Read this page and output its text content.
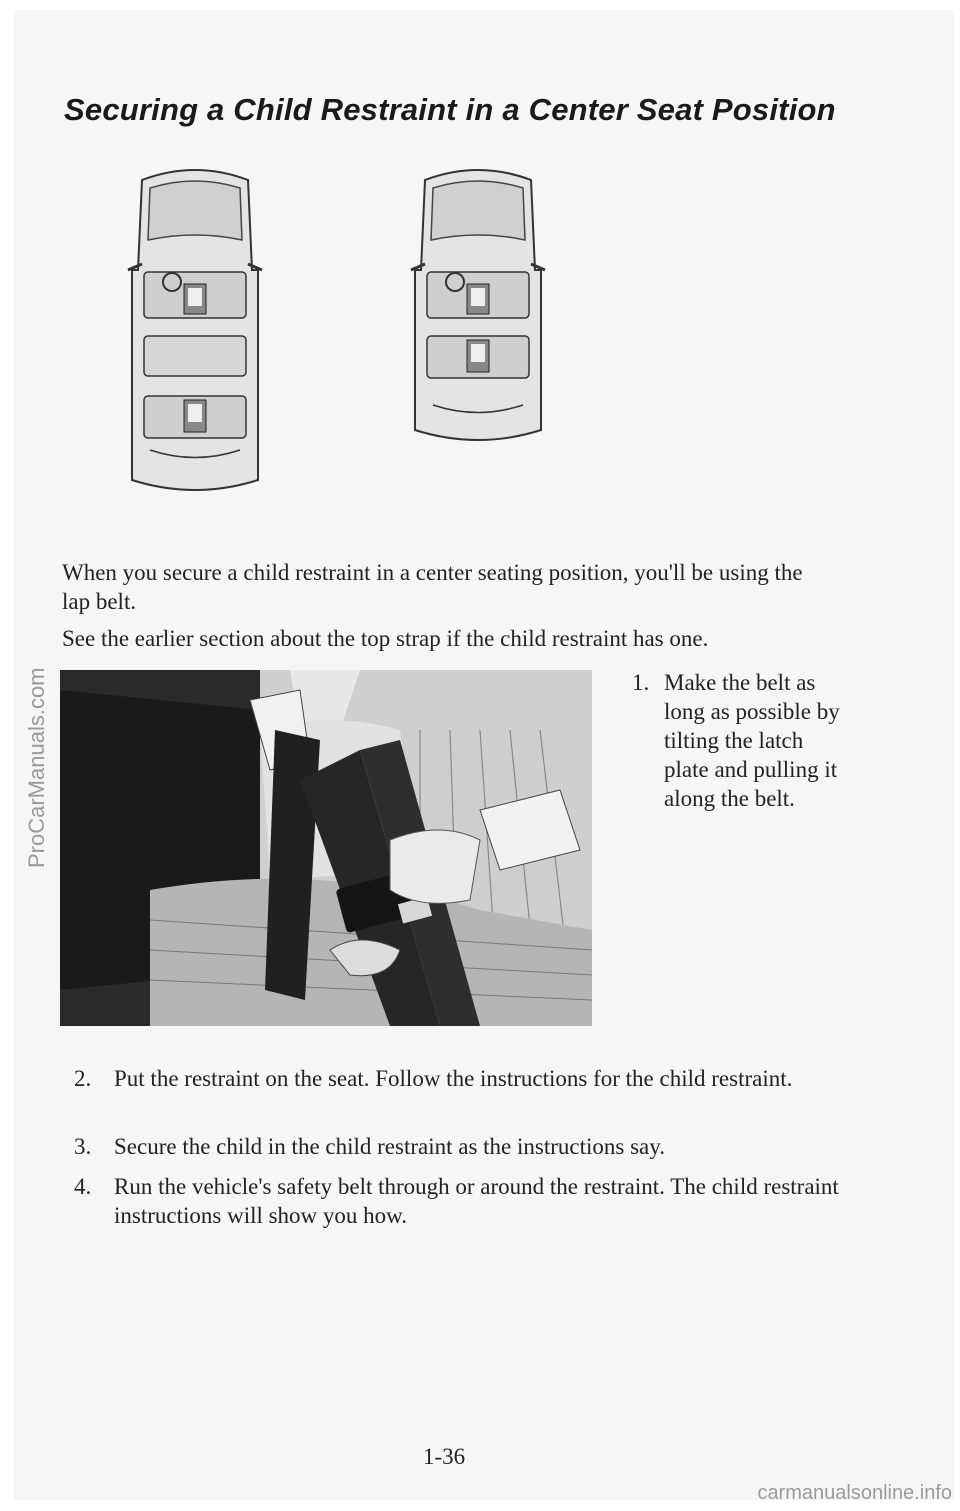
Securing a Child Restraint in a Center Seat Position

When you secure a child restraint in a center seating position, you'll be using the lap belt.

See the earlier section about the top strap if the child restraint has one.

1. Make the belt as long as possible by tilting the latch plate and pulling it along the belt.
2. Put the restraint on the seat. Follow the instructions for the child restraint.
3. Secure the child in the child restraint as the instructions say.
4. Run the vehicle's safety belt through or around the restraint. The child restraint instructions will show you how.
1-36
ProCarManuals.com
carmanualsonline.info
